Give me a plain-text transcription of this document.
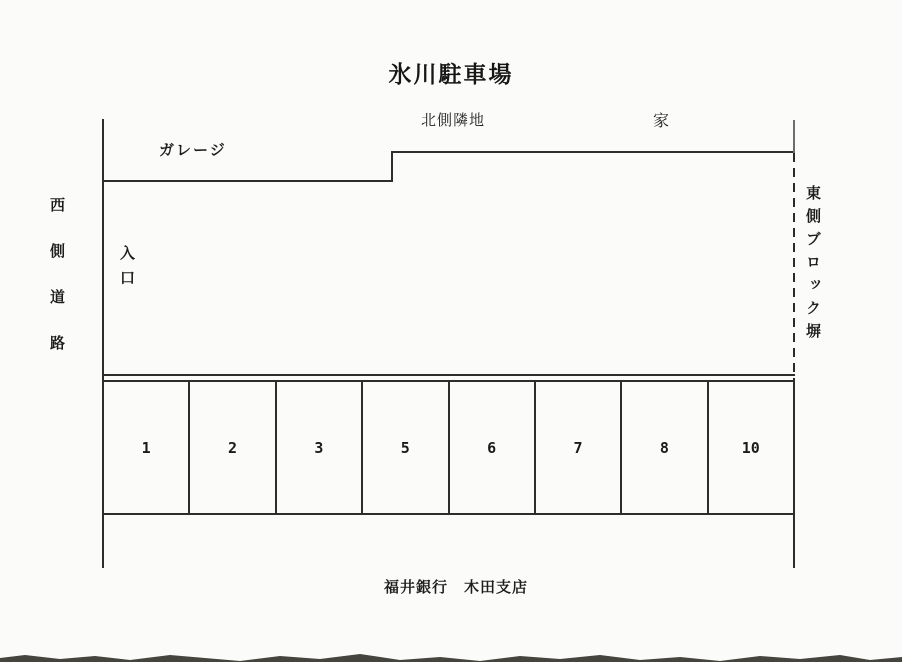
氷川駐車場
北側隣地	家
ガレージ
西側道路	入口	東側ブロック塀
福井銀行　木田支店
1	2	3	5	6	7	8	10
